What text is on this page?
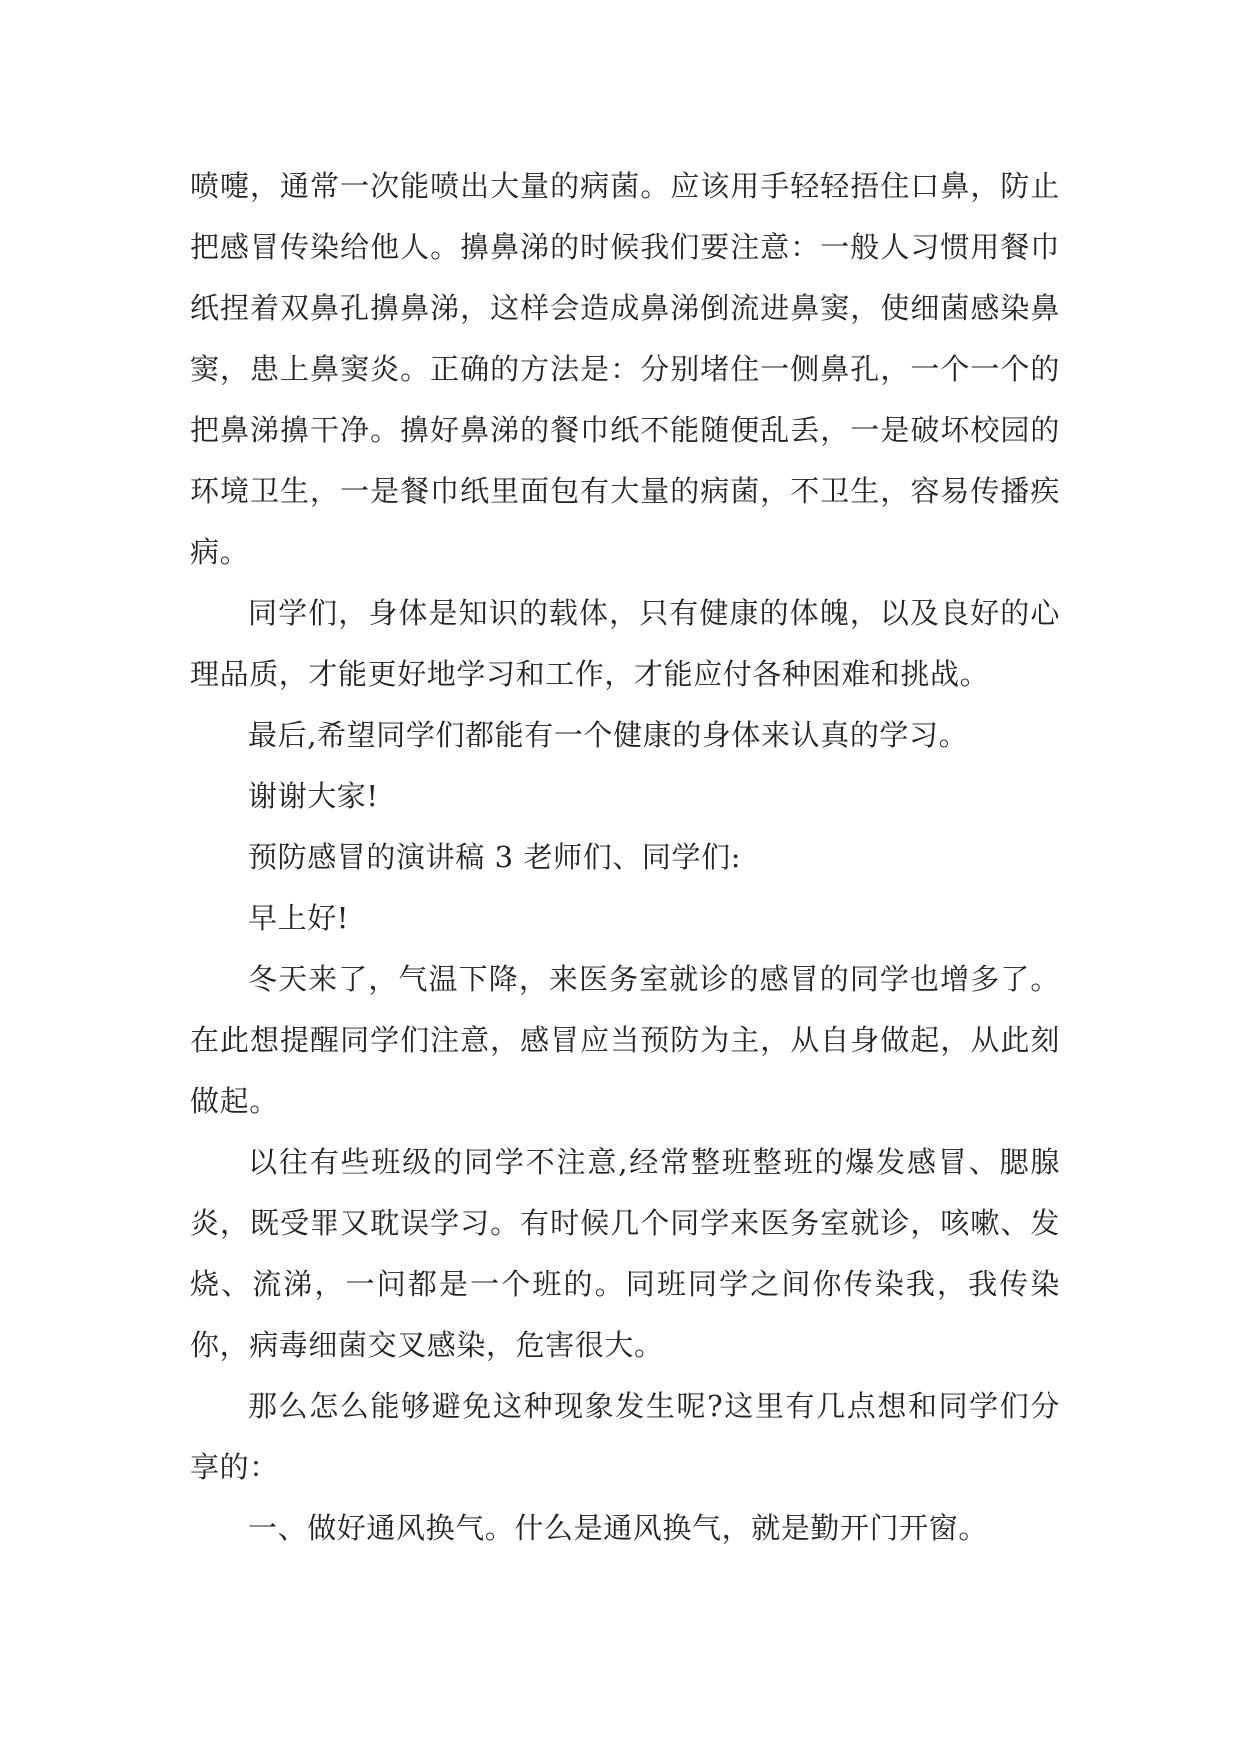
喷嚏，通常一次能喷出大量的病菌。应该用手轻轻捂住口鼻，防止把感冒传染给他人。擤鼻涕的时候我们要注意：一般人习惯用餐巾纸捏着双鼻孔擤鼻涕，这样会造成鼻涕倒流进鼻窦，使细菌感染鼻窦，患上鼻窦炎。正确的方法是：分别堵住一侧鼻孔，一个一个的把鼻涕擤干净。擤好鼻涕的餐巾纸不能随便乱丢，一是破坏校园的环境卫生，一是餐巾纸里面包有大量的病菌，不卫生，容易传播疾病。

同学们，身体是知识的载体，只有健康的体魄，以及良好的心理品质，才能更好地学习和工作，才能应付各种困难和挑战。

最后,希望同学们都能有一个健康的身体来认真的学习。

谢谢大家!

预防感冒的演讲稿 3 老师们、同学们:

早上好!

冬天来了，气温下降，来医务室就诊的感冒的同学也增多了。在此想提醒同学们注意，感冒应当预防为主，从自身做起，从此刻做起。

以往有些班级的同学不注意,经常整班整班的爆发感冒、腮腺炎，既受罪又耽误学习。有时候几个同学来医务室就诊，咳嗽、发烧、流涕，一问都是一个班的。同班同学之间你传染我，我传染你，病毒细菌交叉感染，危害很大。

那么怎么能够避免这种现象发生呢?这里有几点想和同学们分享的：

一、做好通风换气。什么是通风换气，就是勤开门开窗。
